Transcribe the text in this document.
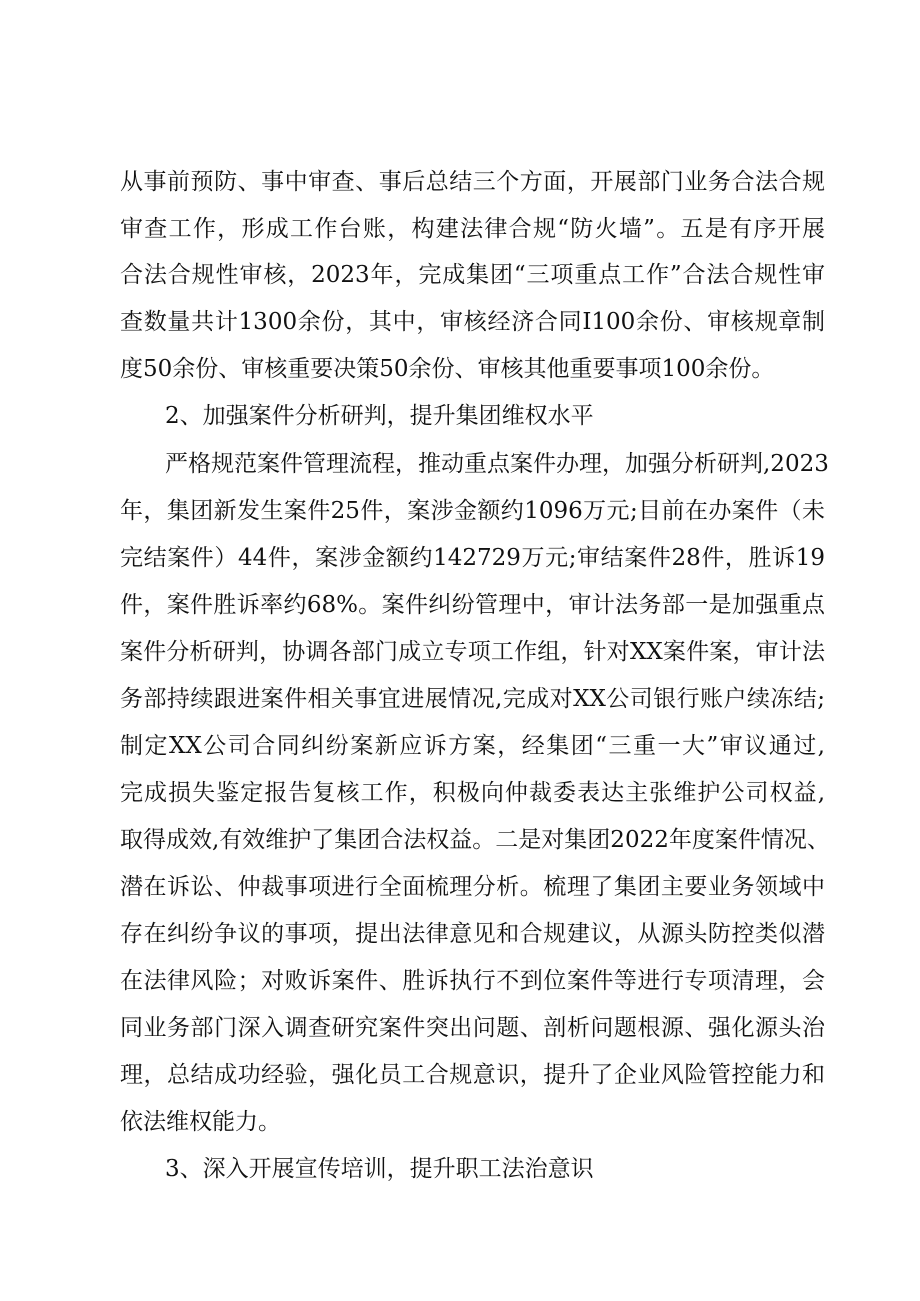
从事前预防、事中审查、事后总结三个方面，开展部门业务合法合规
审查工作，形成工作台账，构建法律合规“防火墙”。五是有序开展
合法合规性审核，2023年，完成集团“三项重点工作”合法合规性审
查数量共计1300余份，其中，审核经济合同I100余份、审核规章制
度50余份、审核重要决策50余份、审核其他重要事项100余份。
2、加强案件分析研判，提升集团维权水平
严格规范案件管理流程，推动重点案件办理，加强分析研判,2023
年，集团新发生案件25件，案涉金额约1096万元;目前在办案件（未
完结案件）44件，案涉金额约142729万元;审结案件28件，胜诉19
件，案件胜诉率约68%。案件纠纷管理中，审计法务部一是加强重点
案件分析研判，协调各部门成立专项工作组，针对XX案件案，审计法
务部持续跟进案件相关事宜进展情况,完成对XX公司银行账户续冻结;
制定XX公司合同纠纷案新应诉方案，经集团“三重一大”审议通过,
完成损失鉴定报告复核工作，积极向仲裁委表达主张维护公司权益,
取得成效,有效维护了集团合法权益。二是对集团2022年度案件情况、
潜在诉讼、仲裁事项进行全面梳理分析。梳理了集团主要业务领域中
存在纠纷争议的事项，提出法律意见和合规建议，从源头防控类似潜
在法律风险；对败诉案件、胜诉执行不到位案件等进行专项清理，会
同业务部门深入调查研究案件突出问题、剖析问题根源、强化源头治
理，总结成功经验，强化员工合规意识，提升了企业风险管控能力和
依法维权能力。
3、深入开展宣传培训，提升职工法治意识
